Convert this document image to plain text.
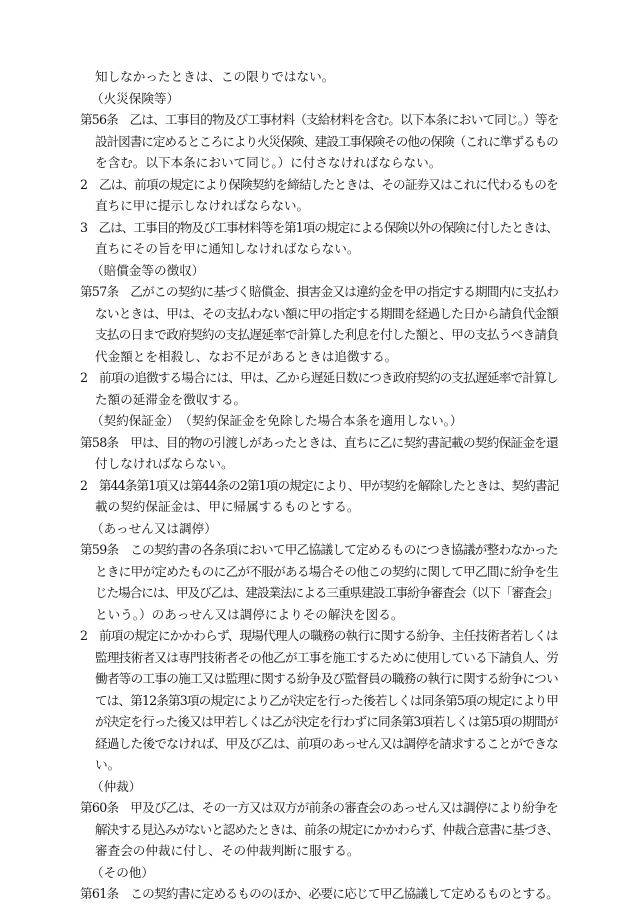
知しなかったときは、この限りではない。
（火災保険等）
第56条　乙は、工事目的物及び工事材料（支給材料を含む。以下本条において同じ。）等を
設計図書に定めるところにより火災保険、建設工事保険その他の保険（これに準ずるもの
を含む。以下本条において同じ。）に付さなければならない。
2　乙は、前項の規定により保険契約を締結したときは、その証券又はこれに代わるものを
直ちに甲に提示しなければならない。
3　乙は、工事目的物及び工事材料等を第1項の規定による保険以外の保険に付したときは、
直ちにその旨を甲に通知しなければならない。
（賠償金等の徴収）
第57条　乙がこの契約に基づく賠償金、損害金又は違約金を甲の指定する期間内に支払わ
ないときは、甲は、その支払わない額に甲の指定する期間を経過した日から請負代金額
支払の日まで政府契約の支払遅延率で計算した利息を付した額と、甲の支払うべき請負
代金額とを相殺し、なお不足があるときは追徴する。
2　前項の追徴する場合には、甲は、乙から遅延日数につき政府契約の支払遅延率で計算し
た額の延滞金を徴収する。
（契約保証金）　（契約保証金を免除した場合本条を適用しない。）
第58条　甲は、目的物の引渡しがあったときは、直ちに乙に契約書記載の契約保証金を還
付しなければならない。
2　第44条第1項又は第44条の2第1項の規定により、甲が契約を解除したときは、契約書記
載の契約保証金は、甲に帰属するものとする。
（あっせん又は調停）
第59条　この契約書の各条項において甲乙協議して定めるものにつき協議が整わなかった
ときに甲が定めたものに乙が不服がある場合その他この契約に関して甲乙間に紛争を生
じた場合には、甲及び乙は、建設業法による三重県建設工事紛争審査会（以下「審査会」
という。）のあっせん又は調停によりその解決を図る。
2　前項の規定にかかわらず、現場代理人の職務の執行に関する紛争、主任技術者若しくは
監理技術者又は専門技術者その他乙が工事を施工するために使用している下請負人、労
働者等の工事の施工又は監理に関する紛争及び監督員の職務の執行に関する紛争につい
ては、第12条第3項の規定により乙が決定を行った後若しくは同条第5項の規定により甲
が決定を行った後又は甲若しくは乙が決定を行わずに同条第3項若しくは第5項の期間が
経過した後でなければ、甲及び乙は、前項のあっせん又は調停を請求することができな
い。
（仲裁）
第60条　甲及び乙は、その一方又は双方が前条の審査会のあっせん又は調停により紛争を
解決する見込みがないと認めたときは、前条の規定にかかわらず、仲裁合意書に基づき、
審査会の仲裁に付し、その仲裁判断に服する。
（その他）
第61条　この契約書に定めるもののほか、必要に応じて甲乙協議して定めるものとする。
